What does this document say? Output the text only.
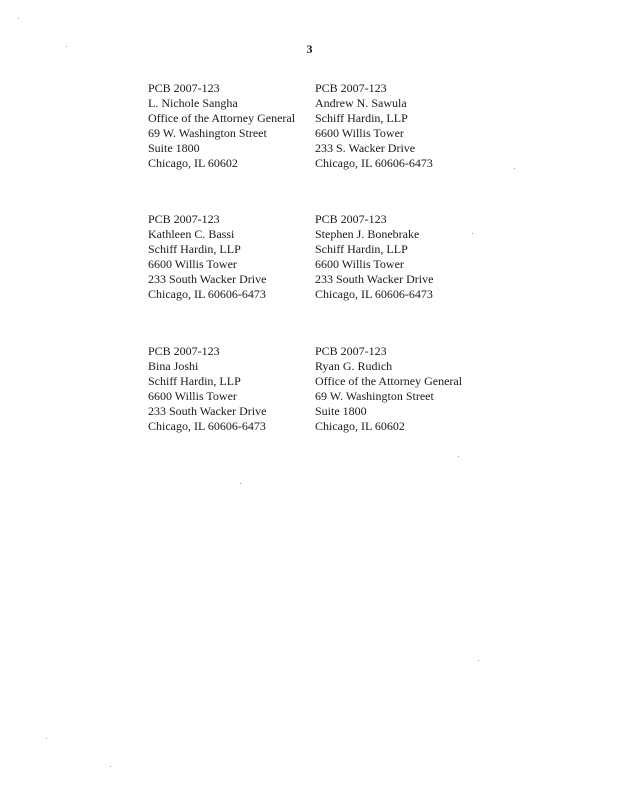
3
PCB 2007-123
L. Nichole Sangha
Office of the Attorney General
69 W. Washington Street
Suite 1800
Chicago, IL 60602
PCB 2007-123
Andrew N. Sawula
Schiff Hardin, LLP
6600 Willis Tower
233 S. Wacker Drive
Chicago, IL 60606-6473
PCB 2007-123
Kathleen C. Bassi
Schiff Hardin, LLP
6600 Willis Tower
233 South Wacker Drive
Chicago, IL 60606-6473
PCB 2007-123
Stephen J. Bonebrake
Schiff Hardin, LLP
6600 Willis Tower
233 South Wacker Drive
Chicago, IL 60606-6473
PCB 2007-123
Bina Joshi
Schiff Hardin, LLP
6600 Willis Tower
233 South Wacker Drive
Chicago, IL 60606-6473
PCB 2007-123
Ryan G. Rudich
Office of the Attorney General
69 W. Washington Street
Suite 1800
Chicago, IL 60602
